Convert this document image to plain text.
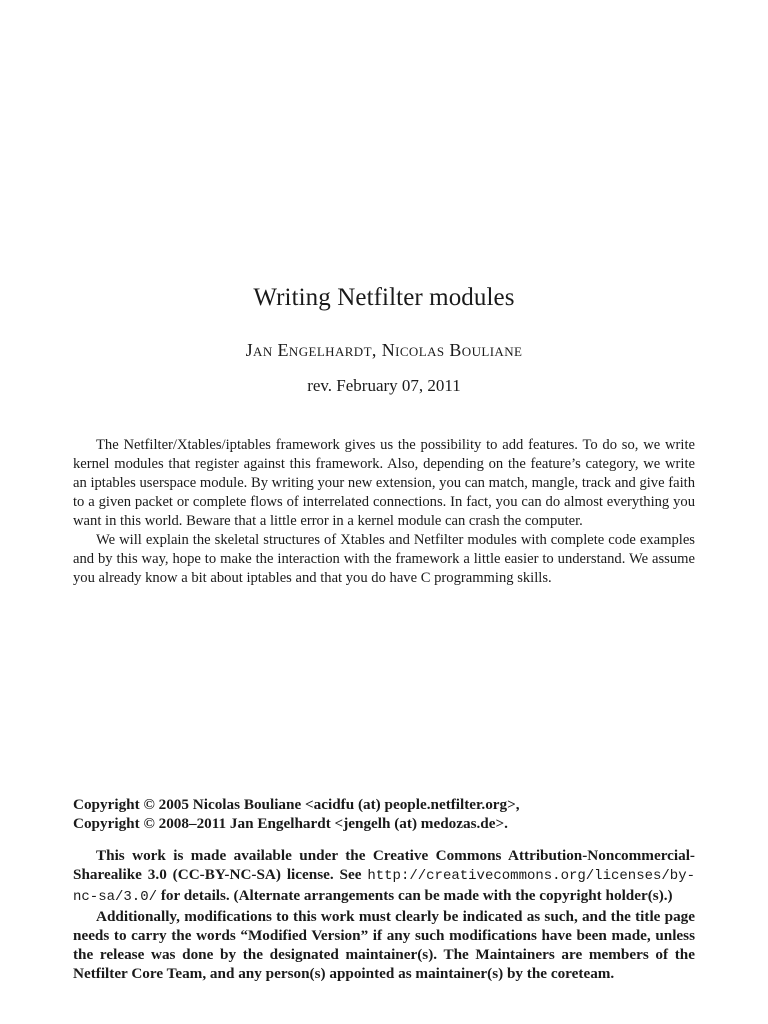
Writing Netfilter modules
Jan Engelhardt, Nicolas Bouliane
rev. February 07, 2011

The Netfilter/Xtables/iptables framework gives us the possibility to add features. To do so, we write kernel modules that register against this framework. Also, depending on the feature’s category, we write an iptables userspace module. By writing your new extension, you can match, mangle, track and give faith to a given packet or complete flows of interrelated connections. In fact, you can do almost everything you want in this world. Beware that a little error in a kernel module can crash the computer.

We will explain the skeletal structures of Xtables and Netfilter modules with complete code examples and by this way, hope to make the interaction with the framework a little easier to understand. We assume you already know a bit about iptables and that you do have C programming skills.

Copyright © 2005 Nicolas Bouliane <acidfu (at) people.netfilter.org>,
Copyright © 2008–2011 Jan Engelhardt <jengelh (at) medozas.de>.

This work is made available under the Creative Commons Attribution-Noncommercial-Sharealike 3.0 (CC-BY-NC-SA) license. See http://creativecommons.org/licenses/by-nc-sa/3.0/ for details. (Alternate arrangements can be made with the copyright holder(s).)

Additionally, modifications to this work must clearly be indicated as such, and the title page needs to carry the words “Modified Version” if any such modifications have been made, unless the release was done by the designated maintainer(s). The Maintainers are members of the Netfilter Core Team, and any person(s) appointed as maintainer(s) by the coreteam.
